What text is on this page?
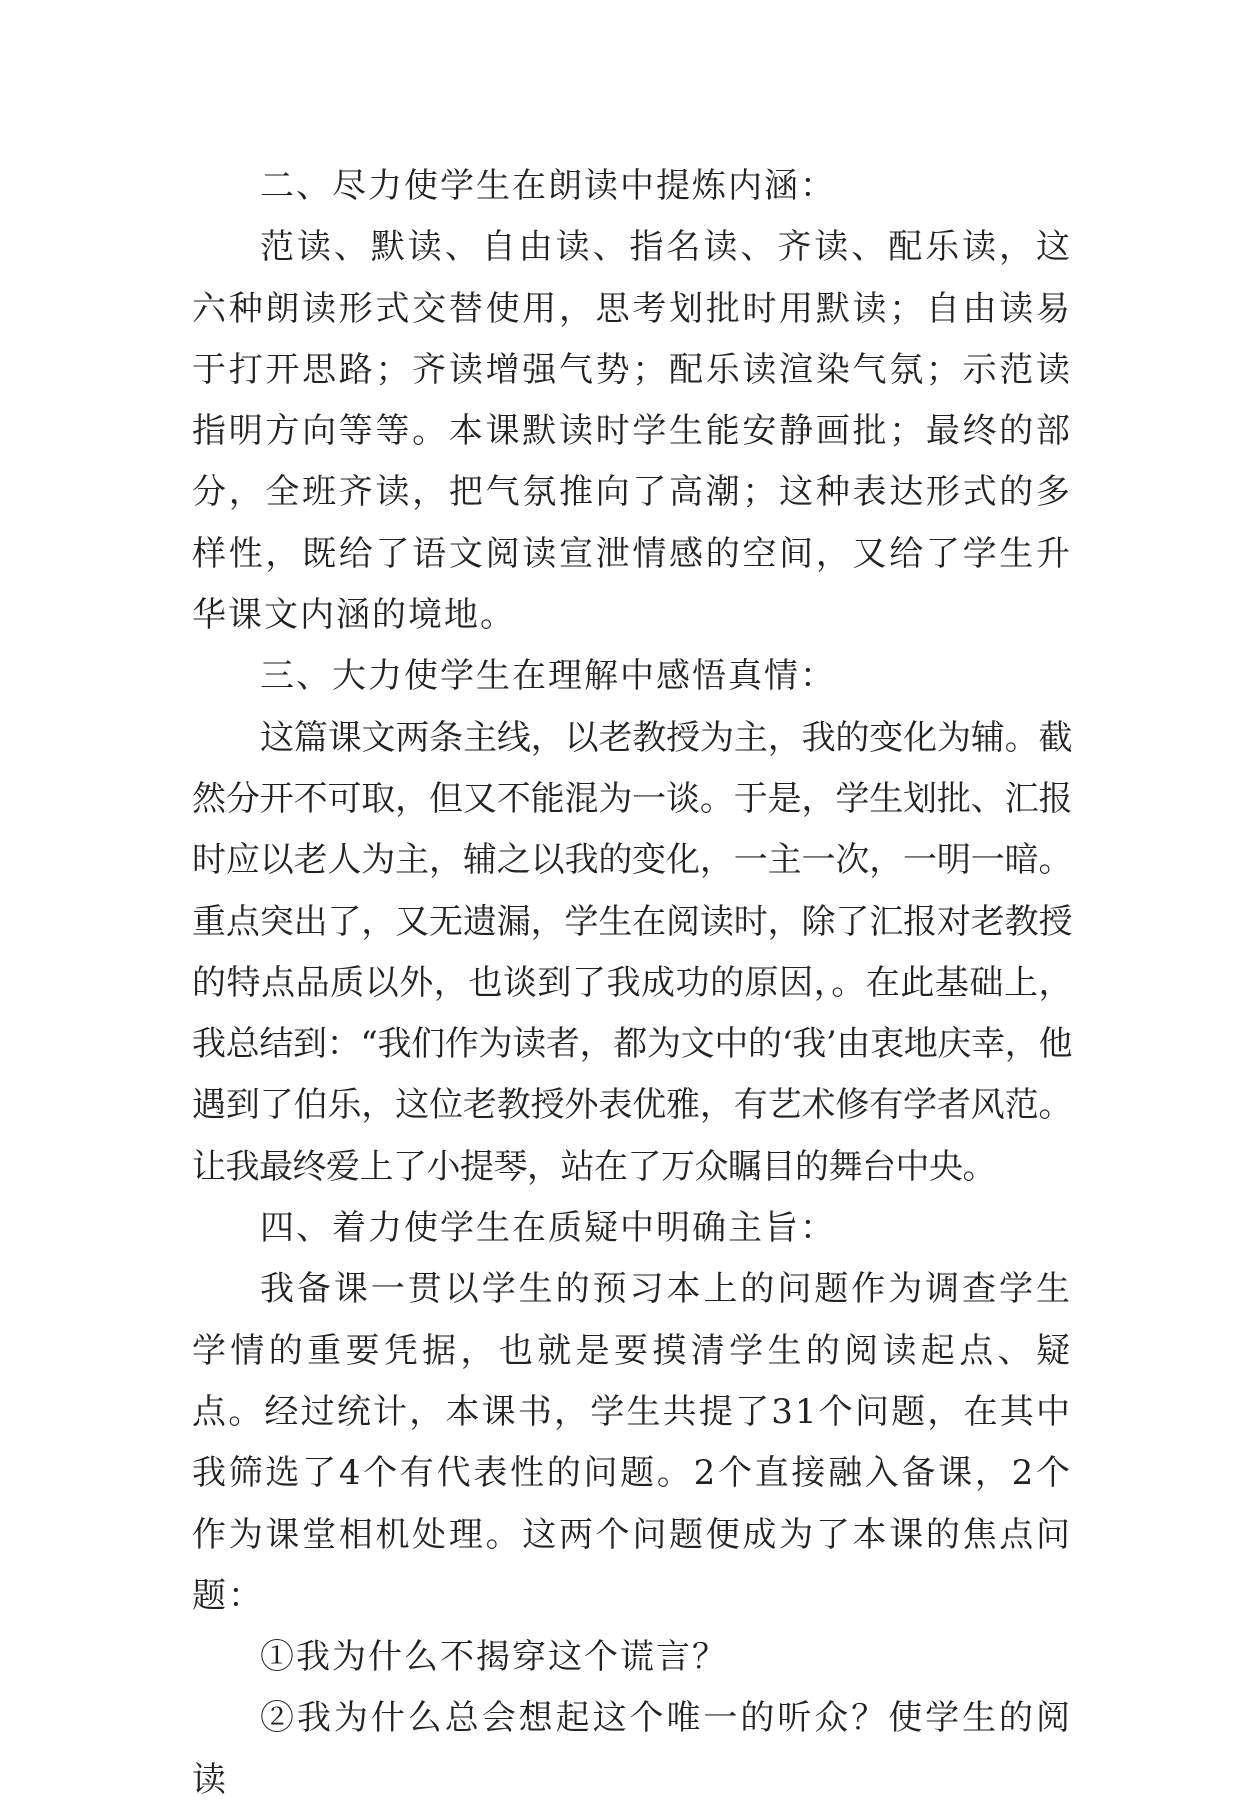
二、尽力使学生在朗读中提炼内涵：

范读、默读、自由读、指名读、齐读、配乐读，这六种朗读形式交替使用，思考划批时用默读；自由读易于打开思路；齐读增强气势；配乐读渲染气氛；示范读指明方向等等。本课默读时学生能安静画批；最终的部分，全班齐读，把气氛推向了高潮；这种表达形式的多样性，既给了语文阅读宣泄情感的空间，又给了学生升华课文内涵的境地。

三、大力使学生在理解中感悟真情：

这篇课文两条主线，以老教授为主，我的变化为辅。截然分开不可取，但又不能混为一谈。于是，学生划批、汇报时应以老人为主，辅之以我的变化，一主一次，一明一暗。重点突出了，又无遗漏，学生在阅读时，除了汇报对老教授的特点品质以外，也谈到了我成功的原因，。在此基础上，我总结到：“我们作为读者，都为文中的‘我’由衷地庆幸，他遇到了伯乐，这位老教授外表优雅，有艺术修有学者风范。让我最终爱上了小提琴，站在了万众瞩目的舞台中央。

四、着力使学生在质疑中明确主旨：

我备课一贯以学生的预习本上的问题作为调查学生学情的重要凭据，也就是要摸清学生的阅读起点、疑点。经过统计，本课书，学生共提了31个问题，在其中我筛选了4个有代表性的问题。2个直接融入备课，2个作为课堂相机处理。这两个问题便成为了本课的焦点问题：

①我为什么不揭穿这个谎言？

②我为什么总会想起这个唯一的听众？使学生的阅读
